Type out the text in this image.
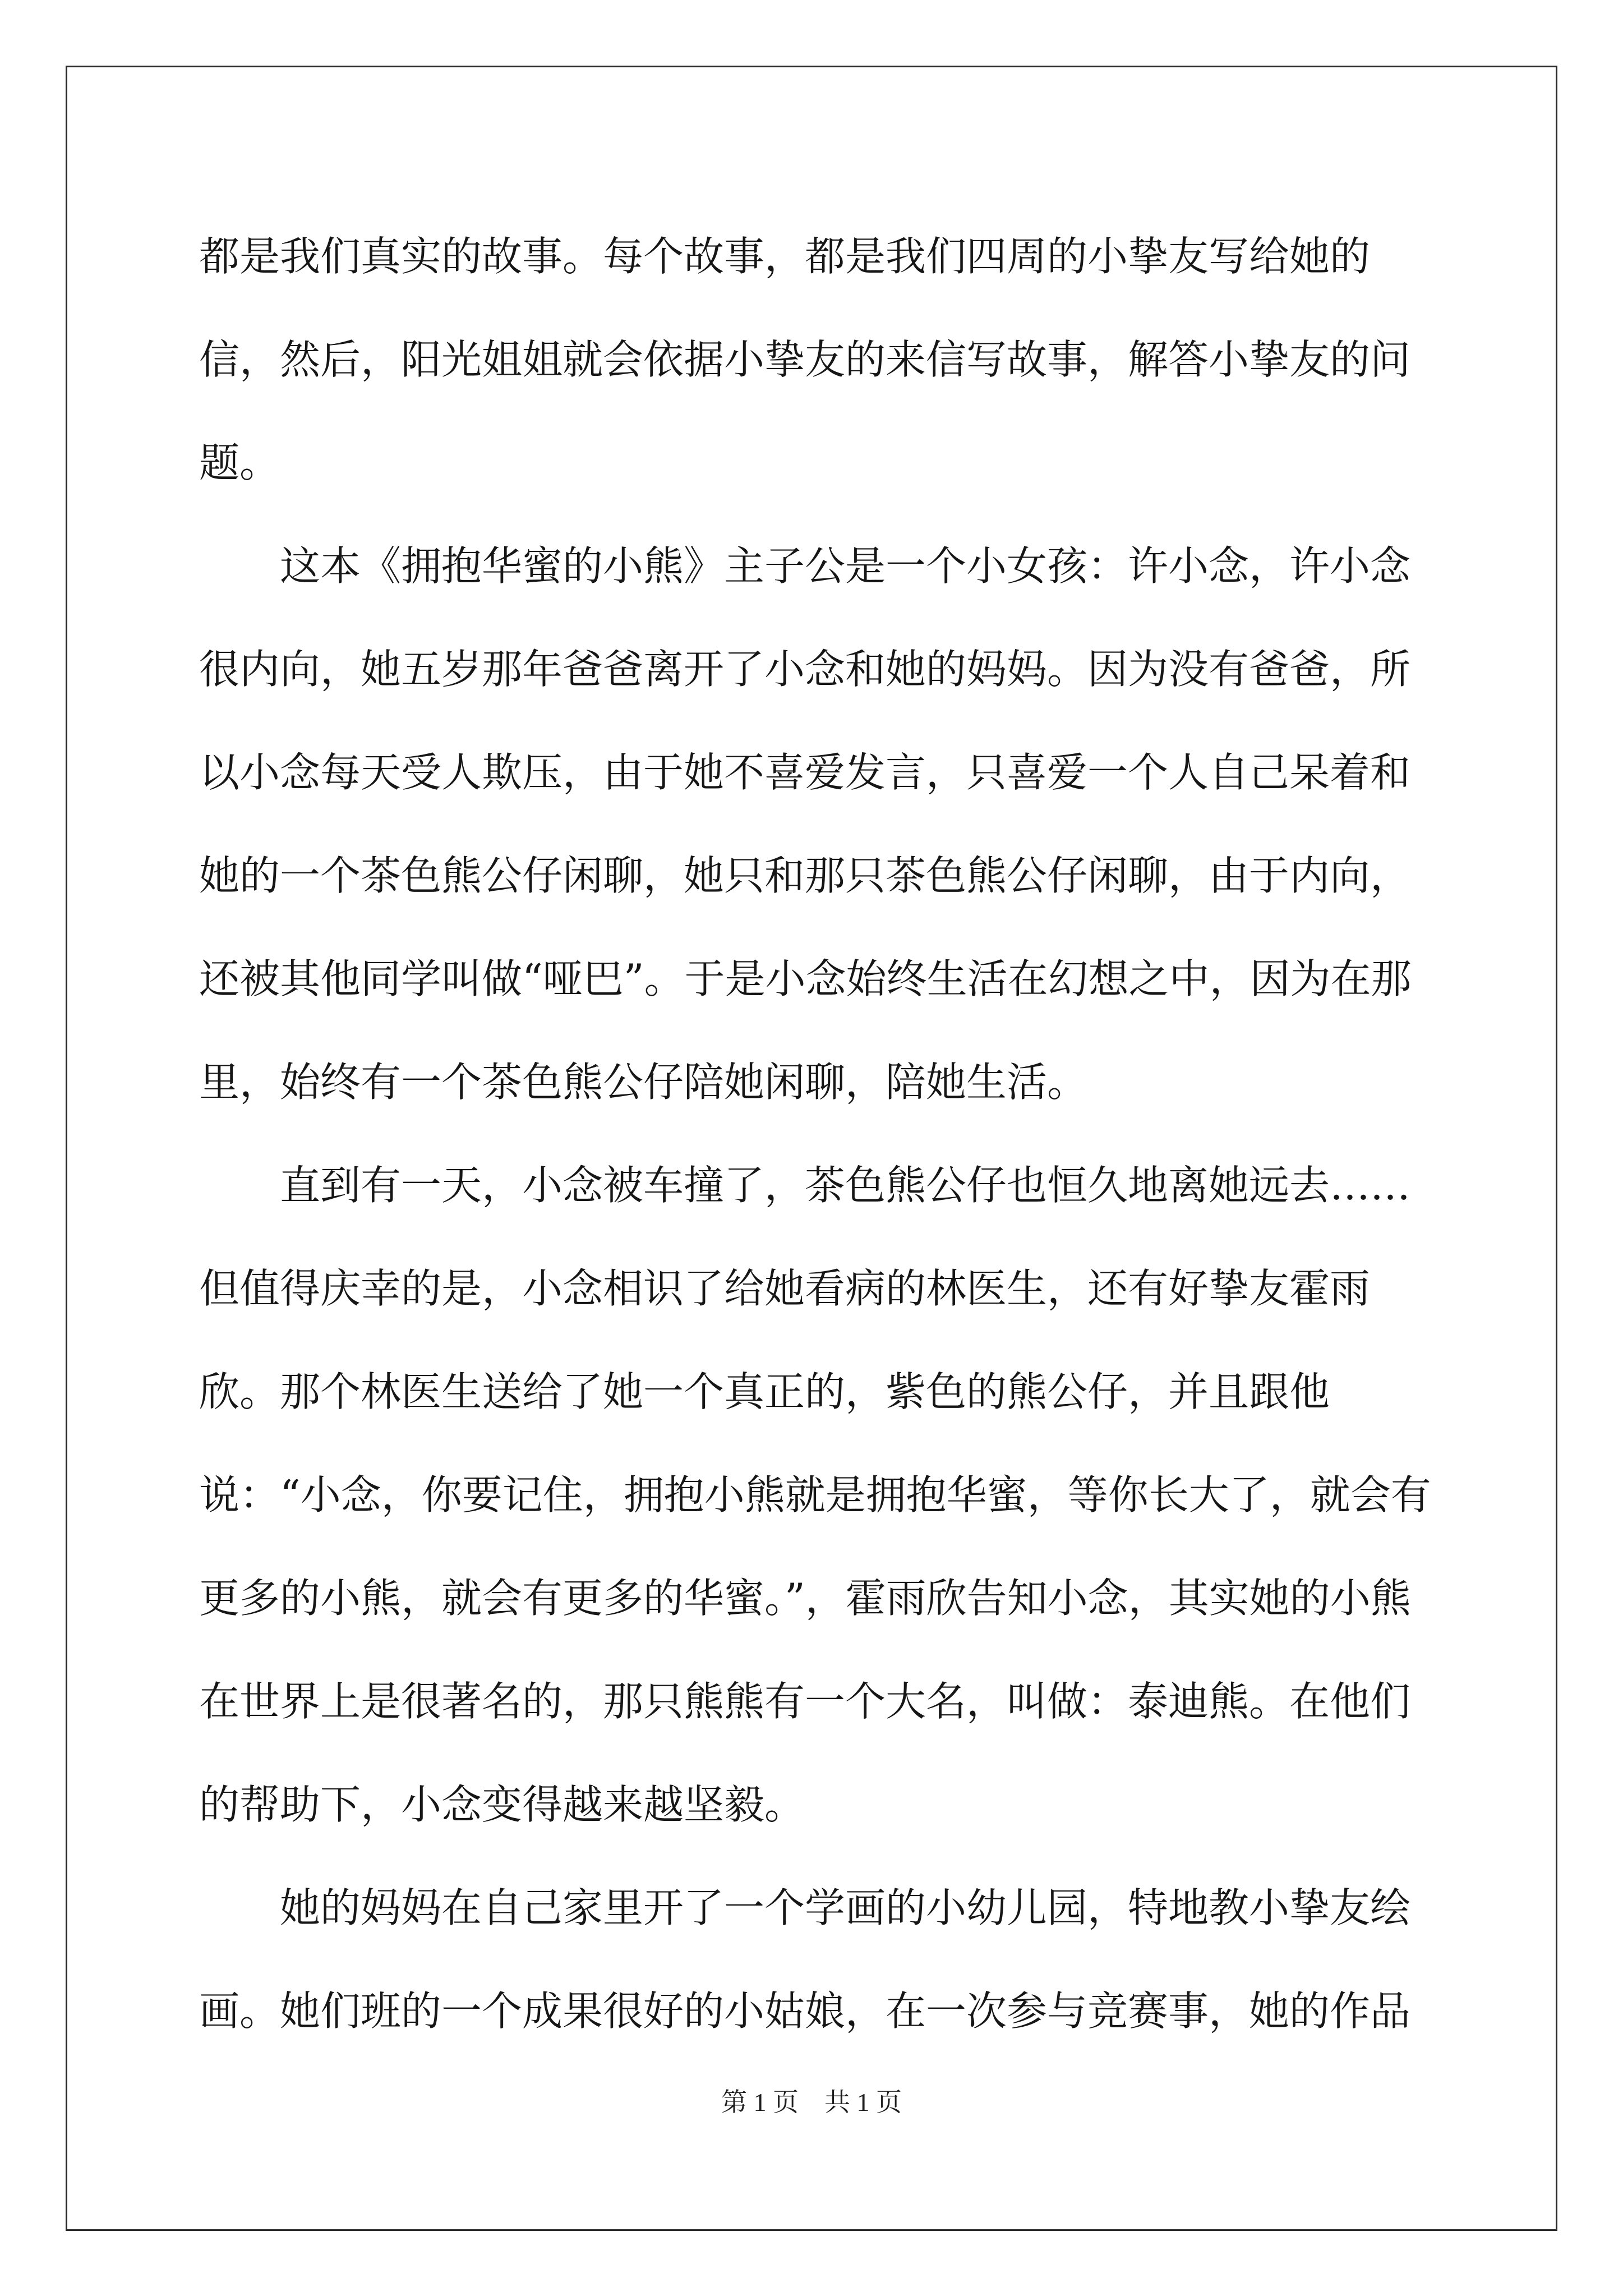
都是我们真实的故事。每个故事，都是我们四周的小挚友写给她的信，然后，阳光姐姐就会依据小挚友的来信写故事，解答小挚友的问题。

　　这本《拥抱华蜜的小熊》主子公是一个小女孩：许小念，许小念很内向，她五岁那年爸爸离开了小念和她的妈妈。因为没有爸爸，所以小念每天受人欺压，由于她不喜爱发言，只喜爱一个人自己呆着和她的一个茶色熊公仔闲聊，她只和那只茶色熊公仔闲聊，由于内向，还被其他同学叫做“哑巴”。于是小念始终生活在幻想之中，因为在那里，始终有一个茶色熊公仔陪她闲聊，陪她生活。

　　直到有一天，小念被车撞了，茶色熊公仔也恒久地离她远去……但值得庆幸的是，小念相识了给她看病的林医生，还有好挚友霍雨欣。那个林医生送给了她一个真正的，紫色的熊公仔，并且跟他说：“小念，你要记住，拥抱小熊就是拥抱华蜜，等你长大了，就会有更多的小熊，就会有更多的华蜜。”，霍雨欣告知小念，其实她的小熊在世界上是很著名的，那只熊熊有一个大名，叫做：泰迪熊。在他们的帮助下，小念变得越来越坚毅。

　　她的妈妈在自己家里开了一个学画的小幼儿园，特地教小挚友绘画。她们班的一个成果很好的小姑娘，在一次参与竞赛事，她的作品

第 1 页　共 1 页
